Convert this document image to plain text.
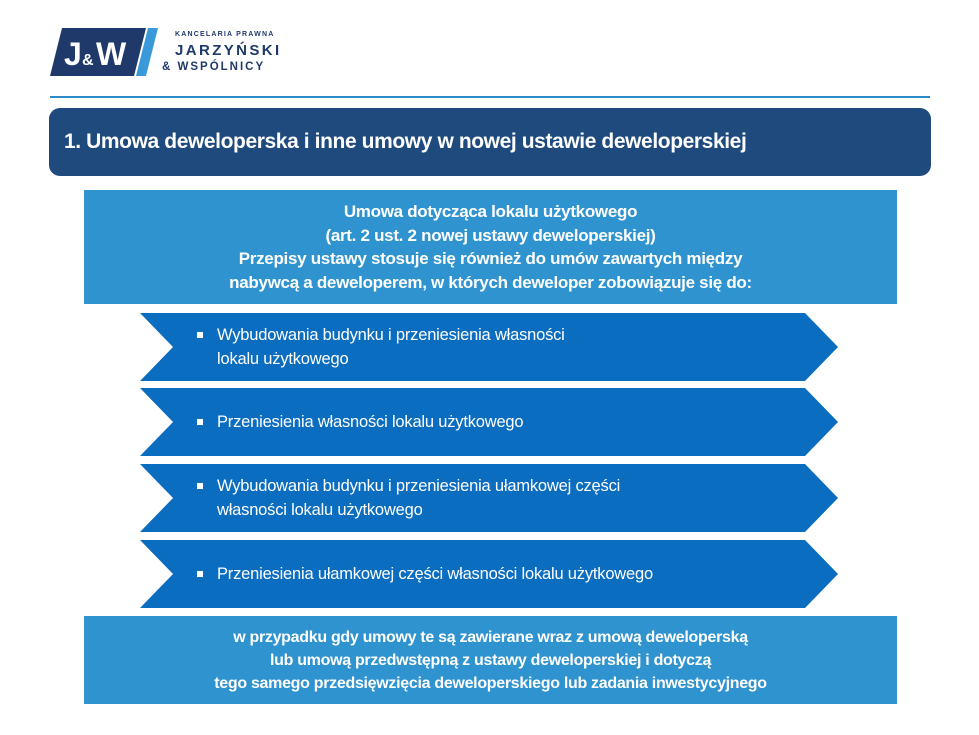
J & W
KANCELARIA PRAWNA
JARZYŃSKI
& WSPÓLNICY
1. Umowa deweloperska i inne umowy w nowej ustawie deweloperskiej
Umowa dotycząca lokalu użytkowego
(art. 2 ust. 2 nowej ustawy deweloperskiej)
Przepisy ustawy stosuje się również do umów zawartych między
nabywcą a deweloperem, w których deweloper zobowiązuje się do:
Wybudowania budynku i przeniesienia własności
lokalu użytkowego
Przeniesienia własności lokalu użytkowego
Wybudowania budynku i przeniesienia ułamkowej części
własności lokalu użytkowego
Przeniesienia ułamkowej części własności lokalu użytkowego
w przypadku gdy umowy te są zawierane wraz z umową deweloperską
lub umową przedwstępną z ustawy deweloperskiej i dotyczą
tego samego przedsięwzięcia deweloperskiego lub zadania inwestycyjnego
